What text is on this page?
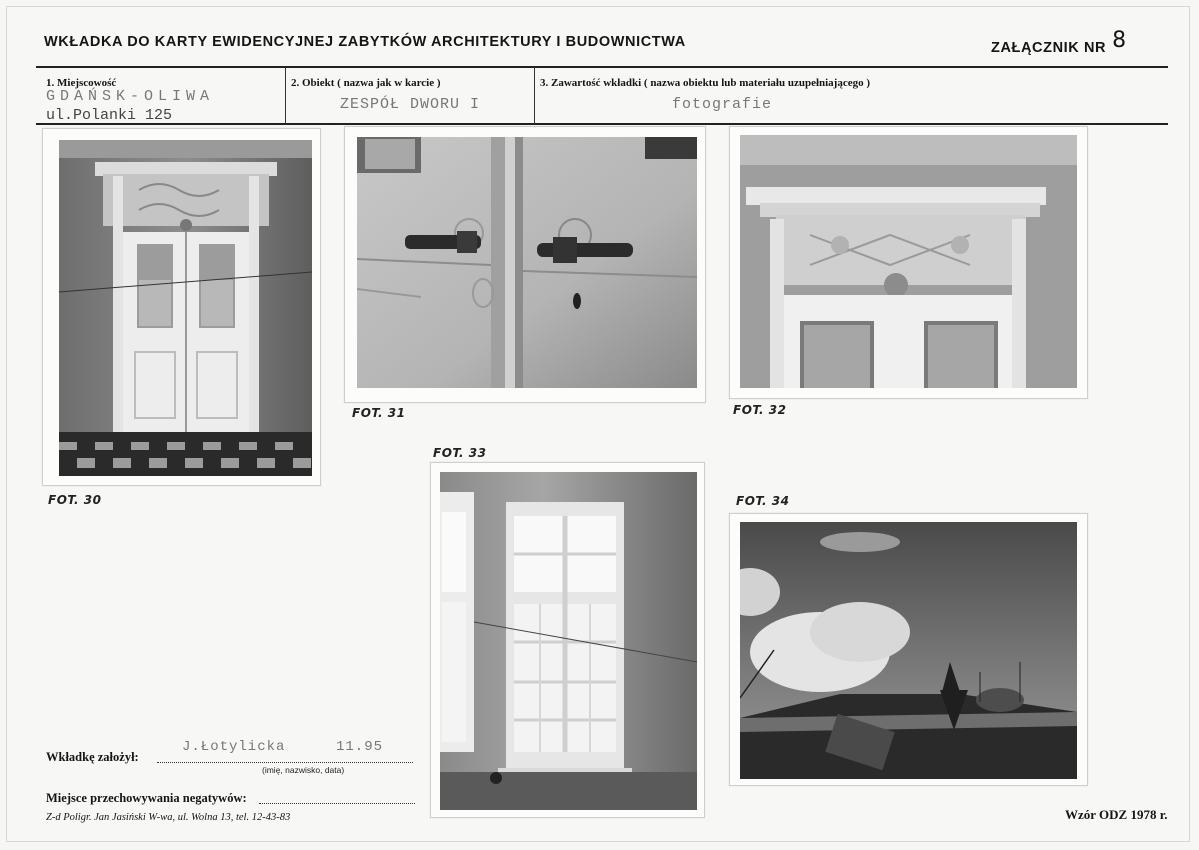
WKŁADKA DO KARTY EWIDENCYJNEJ ZABYTKÓW ARCHITEKTURY I BUDOWNICTWA	ZAŁĄCZNIK NR 8
1. Miejscowość
GDAŃSK-OLIWA
ul.Polanki 125
2. Obiekt ( nazwa jak w karcie )
ZESPÓŁ DWORU I
3. Zawartość wkładki ( nazwa obiektu lub materiału uzupełniającego )
fotografie
FOT. 30
FOT. 31	FOT. 32
FOT. 33
FOT. 34
Wkładkę założył:
J.Łotylicka	11.95
(imię, nazwisko, data)
Miejsce przechowywania negatywów:
Z-d Poligr. Jan Jasiński W-wa, ul. Wolna 13, tel. 12-43-83	Wzór ODZ 1978 r.
